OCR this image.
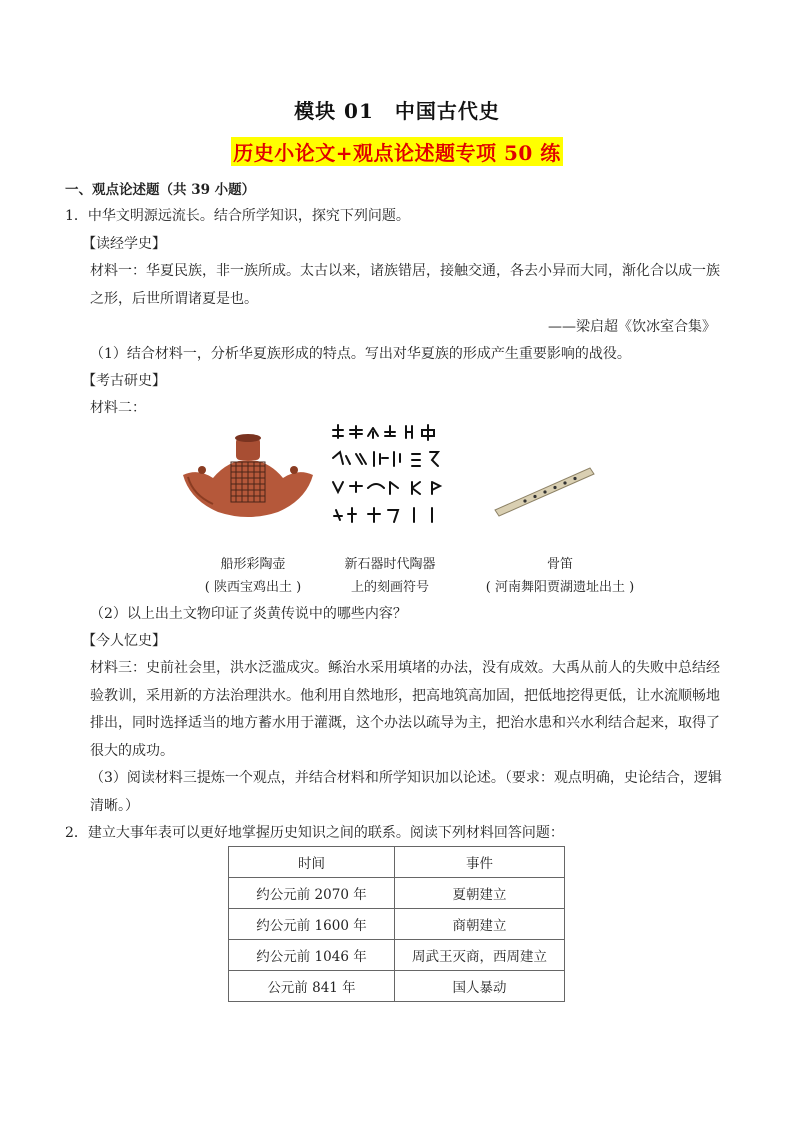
模块 01　中国古代史
历史小论文+观点论述题专项 50 练
一、观点论述题（共 39 小题）
1．中华文明源远流长。结合所学知识，探究下列问题。
【读经学史】
材料一：华夏民族，非一族所成。太古以来，诸族错居，接触交通，各去小异而大同，渐化合以成一族
之形，后世所谓诸夏是也。
——梁启超《饮冰室合集》
（1）结合材料一，分析华夏族形成的特点。写出对华夏族的形成产生重要影响的战役。
【考古研史】
材料二：
船形彩陶壶
( 陕西宝鸡出土 )
新石器时代陶器
上的刻画符号
骨笛
( 河南舞阳贾湖遗址出土 )
（2）以上出土文物印证了炎黄传说中的哪些内容？
【今人忆史】
材料三：史前社会里，洪水泛滥成灾。鲧治水采用填堵的办法，没有成效。大禹从前人的失败中总结经
验教训，采用新的方法治理洪水。他利用自然地形，把高地筑高加固，把低地挖得更低，让水流顺畅地
排出，同时选择适当的地方蓄水用于灌溉，这个办法以疏导为主，把治水患和兴水利结合起来，取得了
很大的成功。
（3）阅读材料三提炼一个观点，并结合材料和所学知识加以论述。（要求：观点明确，史论结合，逻辑
清晰。）
2．建立大事年表可以更好地掌握历史知识之间的联系。阅读下列材料回答问题：
时间	事件
约公元前 2070 年	夏朝建立
约公元前 1600 年	商朝建立
约公元前 1046 年	周武王灭商，西周建立
公元前 841 年	国人暴动
